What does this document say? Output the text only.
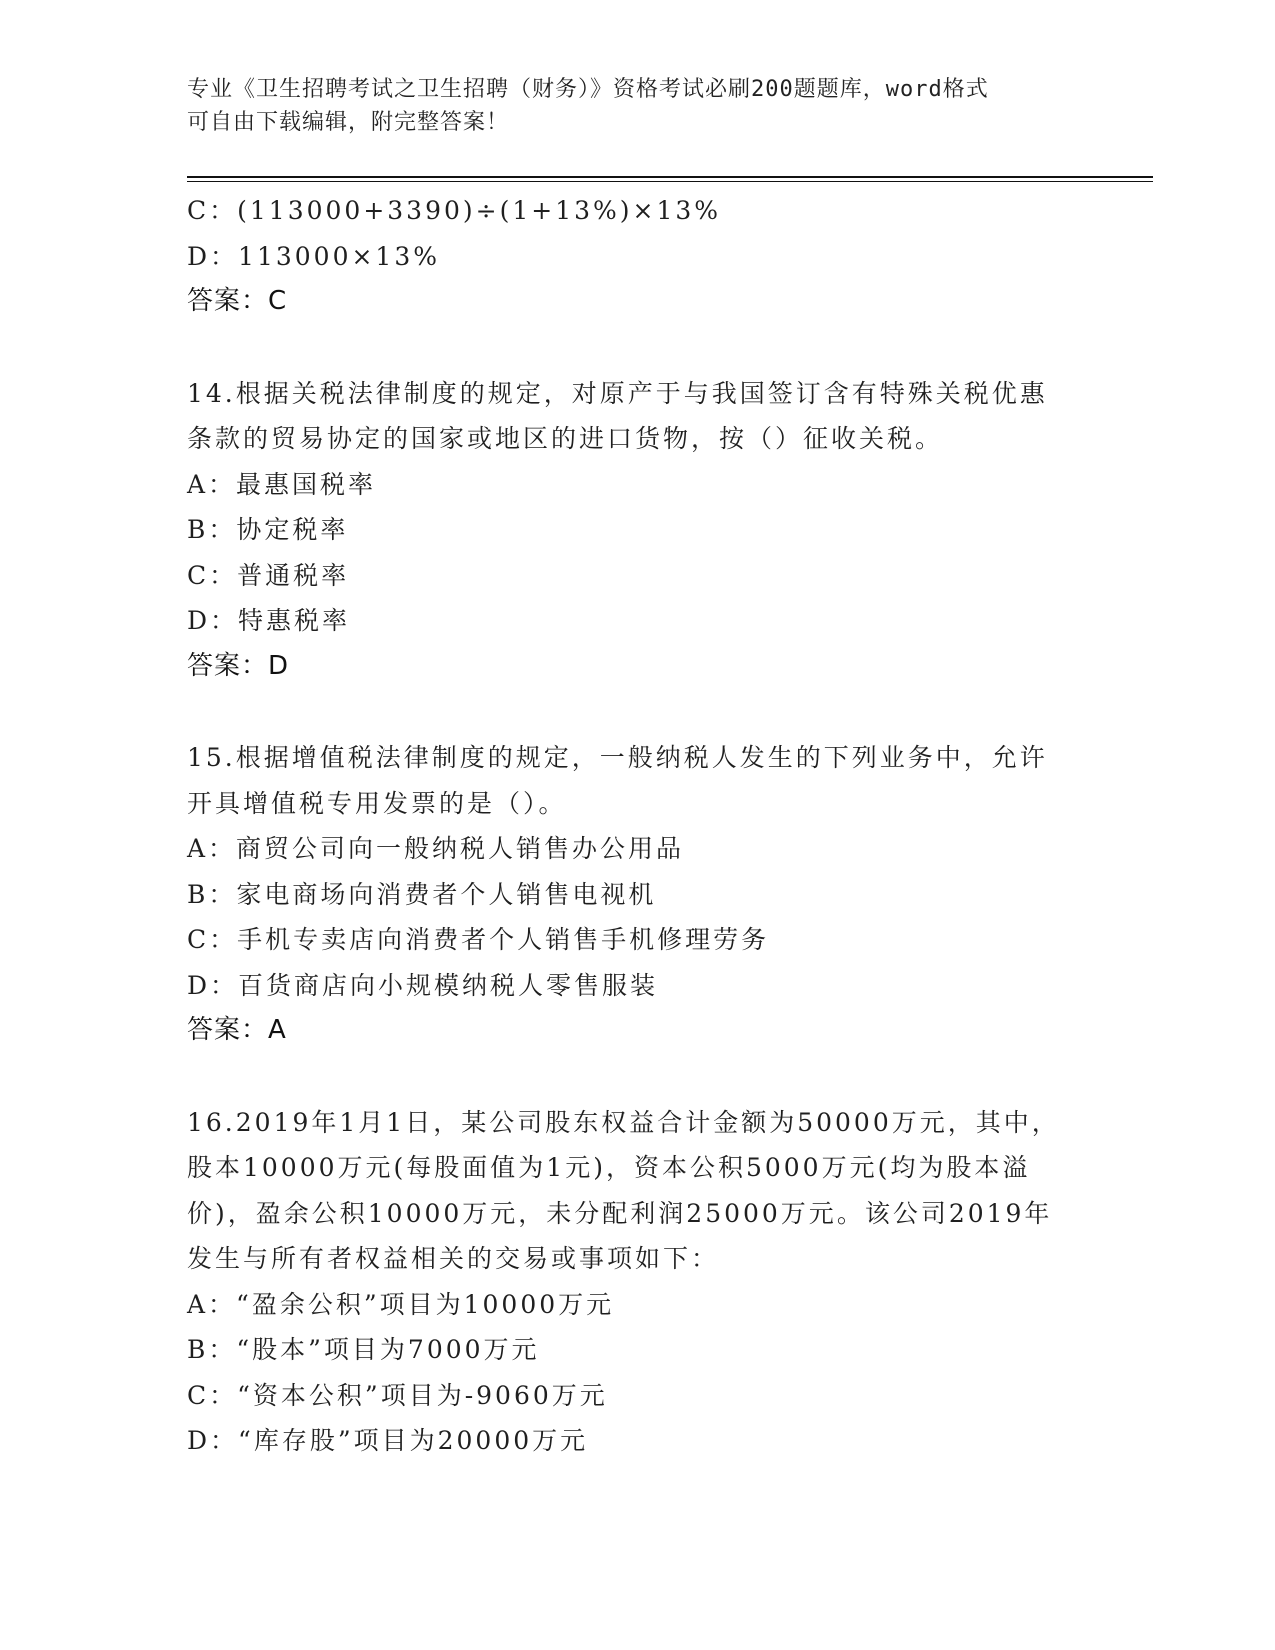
专业《卫生招聘考试之卫生招聘（财务）》资格考试必刷200题题库，word格式
可自由下载编辑，附完整答案！
C：(113000+3390)÷(1+13%)×13%
D：113000×13%
答案：C
14.根据关税法律制度的规定，对原产于与我国签订含有特殊关税优惠
条款的贸易协定的国家或地区的进口货物，按（）征收关税。
A：最惠国税率
B：协定税率
C：普通税率
D：特惠税率
答案：D
15.根据增值税法律制度的规定，一般纳税人发生的下列业务中，允许
开具增值税专用发票的是（）。
A：商贸公司向一般纳税人销售办公用品
B：家电商场向消费者个人销售电视机
C：手机专卖店向消费者个人销售手机修理劳务
D：百货商店向小规模纳税人零售服装
答案：A
16.2019年1月1日，某公司股东权益合计金额为50000万元，其中，
股本10000万元(每股面值为1元)，资本公积5000万元(均为股本溢
价)，盈余公积10000万元，未分配利润25000万元。该公司2019年
发生与所有者权益相关的交易或事项如下：
A：“盈余公积”项目为10000万元
B：“股本”项目为7000万元
C：“资本公积”项目为-9060万元
D：“库存股”项目为20000万元
